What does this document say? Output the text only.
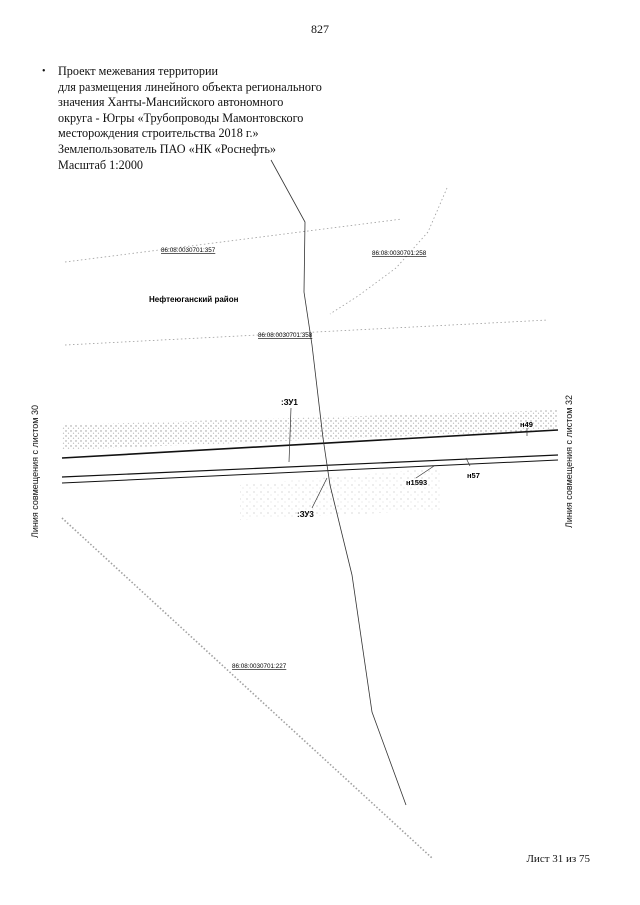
827
• Проект межевания территории
для размещения линейного объекта регионального
значения Ханты-Мансийского автономного
округа - Югры «Трубопроводы Мамонтовского
месторождения строительства 2018 г.»
Землепользователь ПАО «НК «Роснефть»
Масштаб 1:2000
86:08:0030701:357	86:08:0030701:258
86:08:0030701:358
86:08:0030701:227
Нефтеюганский район
:ЗУ1
:ЗУ3
н49
н1593
н57
Линия совмещения с листом 30	Линия совмещения с листом 32
Лист 31 из 75
